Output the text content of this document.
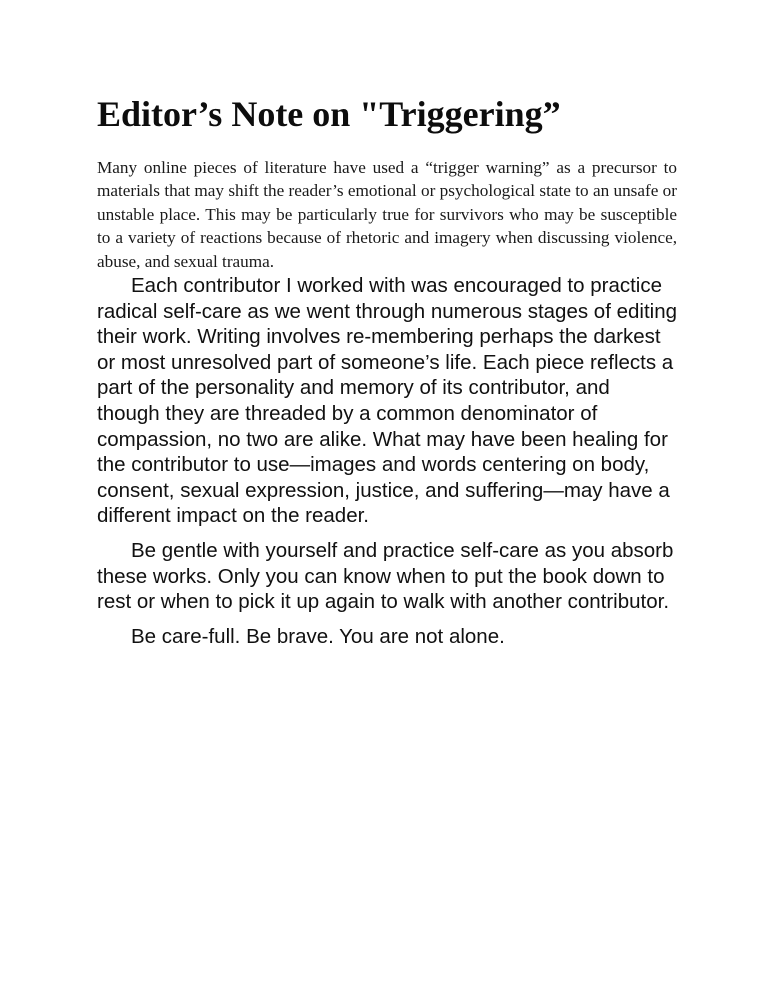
Editor’s Note on "Triggering”

Many online pieces of literature have used a “trigger warning” as a precursor to materials that may shift the reader’s emotional or psychological state to an unsafe or unstable place. This may be particularly true for survivors who may be susceptible to a variety of reactions because of rhetoric and imagery when discussing violence, abuse, and sexual trauma.

Each contributor I worked with was encouraged to practice radical self-care as we went through numerous stages of editing their work. Writing involves re-membering perhaps the darkest or most unresolved part of someone’s life. Each piece reflects a part of the personality and memory of its contributor, and though they are threaded by a common denominator of compassion, no two are alike. What may have been healing for the contributor to use—images and words centering on body, consent, sexual expression, justice, and suffering—may have a different impact on the reader.

Be gentle with yourself and practice self-care as you absorb these works. Only you can know when to put the book down to rest or when to pick it up again to walk with another contributor.

Be care-full. Be brave. You are not alone.
